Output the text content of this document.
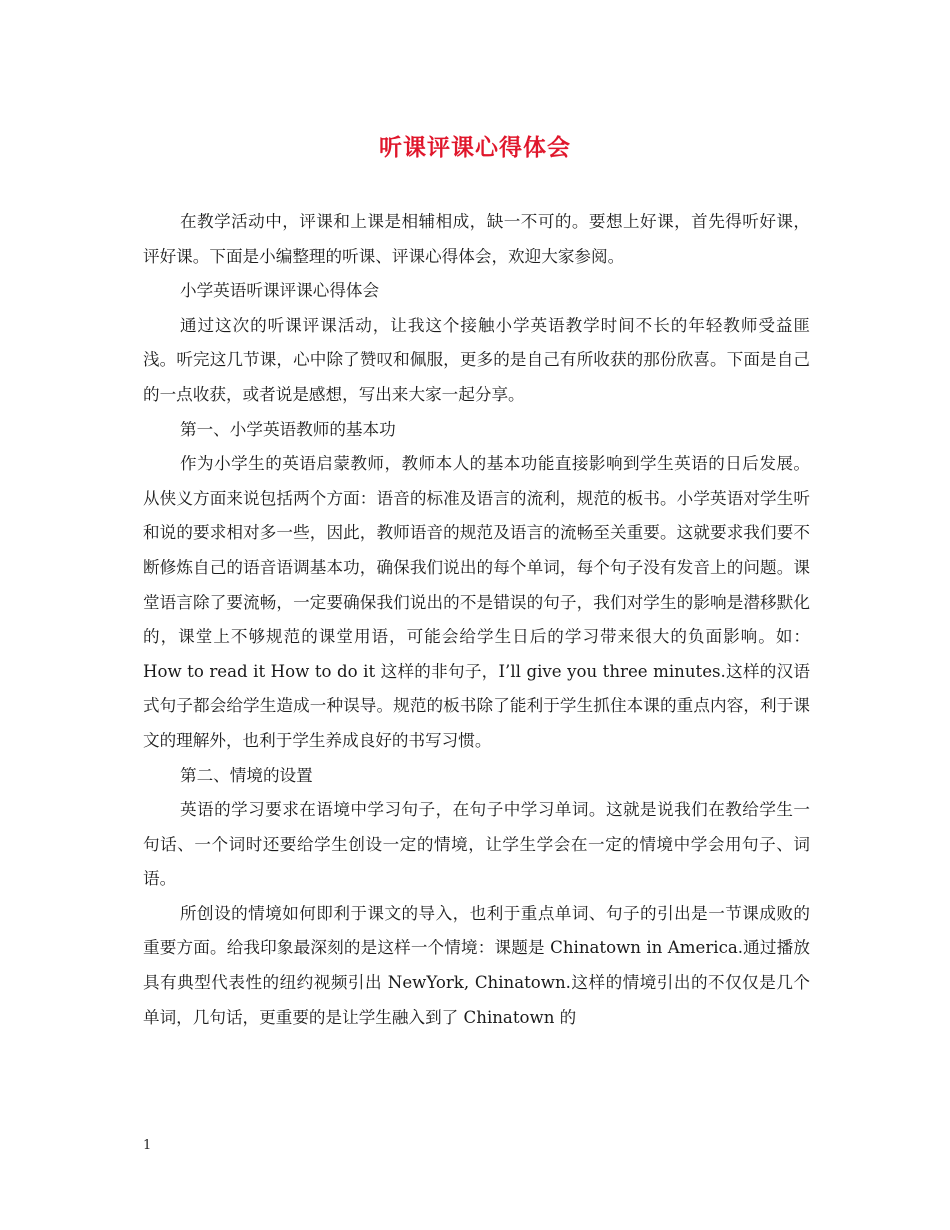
听课评课心得体会

在教学活动中，评课和上课是相辅相成，缺一不可的。要想上好课，首先得听好课，评好课。下面是小编整理的听课、评课心得体会，欢迎大家参阅。

小学英语听课评课心得体会

通过这次的听课评课活动，让我这个接触小学英语教学时间不长的年轻教师受益匪浅。听完这几节课，心中除了赞叹和佩服，更多的是自己有所收获的那份欣喜。下面是自己的一点收获，或者说是感想，写出来大家一起分享。

第一、小学英语教师的基本功

作为小学生的英语启蒙教师，教师本人的基本功能直接影响到学生英语的日后发展。从侠义方面来说包括两个方面：语音的标准及语言的流利，规范的板书。小学英语对学生听和说的要求相对多一些，因此，教师语音的规范及语言的流畅至关重要。这就要求我们要不断修炼自己的语音语调基本功，确保我们说出的每个单词，每个句子没有发音上的问题。课堂语言除了要流畅，一定要确保我们说出的不是错误的句子，我们对学生的影响是潜移默化的，课堂上不够规范的课堂用语，可能会给学生日后的学习带来很大的负面影响。如：How to read it How to do it 这样的非句子，I’ll give you three minutes.这样的汉语式句子都会给学生造成一种误导。规范的板书除了能利于学生抓住本课的重点内容，利于课文的理解外，也利于学生养成良好的书写习惯。

第二、情境的设置

英语的学习要求在语境中学习句子，在句子中学习单词。这就是说我们在教给学生一句话、一个词时还要给学生创设一定的情境，让学生学会在一定的情境中学会用句子、词语。

所创设的情境如何即利于课文的导入，也利于重点单词、句子的引出是一节课成败的重要方面。给我印象最深刻的是这样一个情境：课题是 Chinatown in America.通过播放具有典型代表性的纽约视频引出 NewYork, Chinatown.这样的情境引出的不仅仅是几个单词，几句话，更重要的是让学生融入到了 Chinatown 的

1
